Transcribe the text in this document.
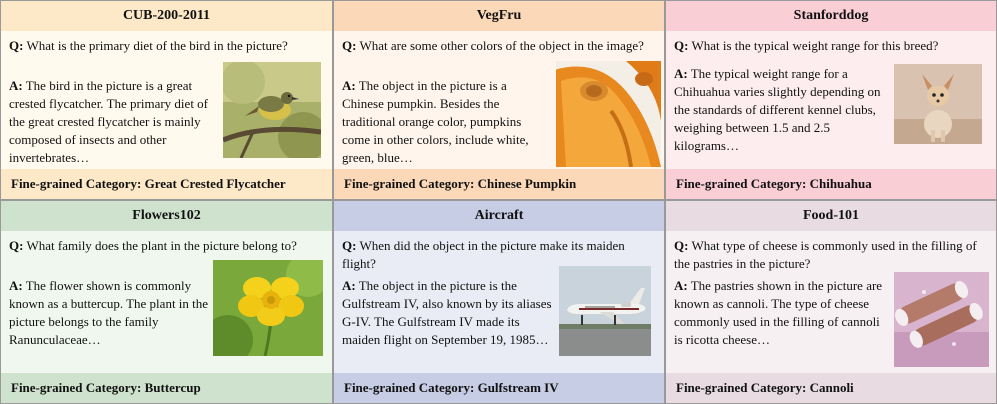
CUB-200-2011
Q: What is the primary diet of the bird in the picture?
A: The bird in the picture is a great crested flycatcher. The primary diet of the great crested flycatcher is mainly composed of insects and other invertebrates…
Fine-grained Category:
Great Crested Flycatcher
VegFru
Q: What are some other colors of the object in the image?
A: The object in the picture is a Chinese pumpkin. Besides the traditional orange color, pumpkins come in other colors, include white, green, blue…
Fine-grained Category:
Chinese Pumpkin
Stanforddog
Q: What is the typical weight range for this breed?
A: The typical weight range for a Chihuahua varies slightly depending on the standards of different kennel clubs, weighing between 1.5 and 2.5 kilograms…
Fine-grained Category:
Chihuahua
Flowers102
Q: What family does the plant in the picture belong to?
A: The flower shown is commonly known as a buttercup. The plant in the picture belongs to the family Ranunculaceae…
Fine-grained Category:
Buttercup
Aircraft
Q: When did the object in the picture make its maiden flight?
A: The object in the picture is the Gulfstream IV, also known by its aliases G-IV. The Gulfstream IV made its maiden flight on September 19, 1985…
Fine-grained Category:
Gulfstream IV
Food-101
Q: What type of cheese is commonly used in the filling of the pastries in the picture?
A: The pastries shown in the picture are known as cannoli. The type of cheese commonly used in the filling of cannoli is ricotta cheese…
Fine-grained Category:
Cannoli
